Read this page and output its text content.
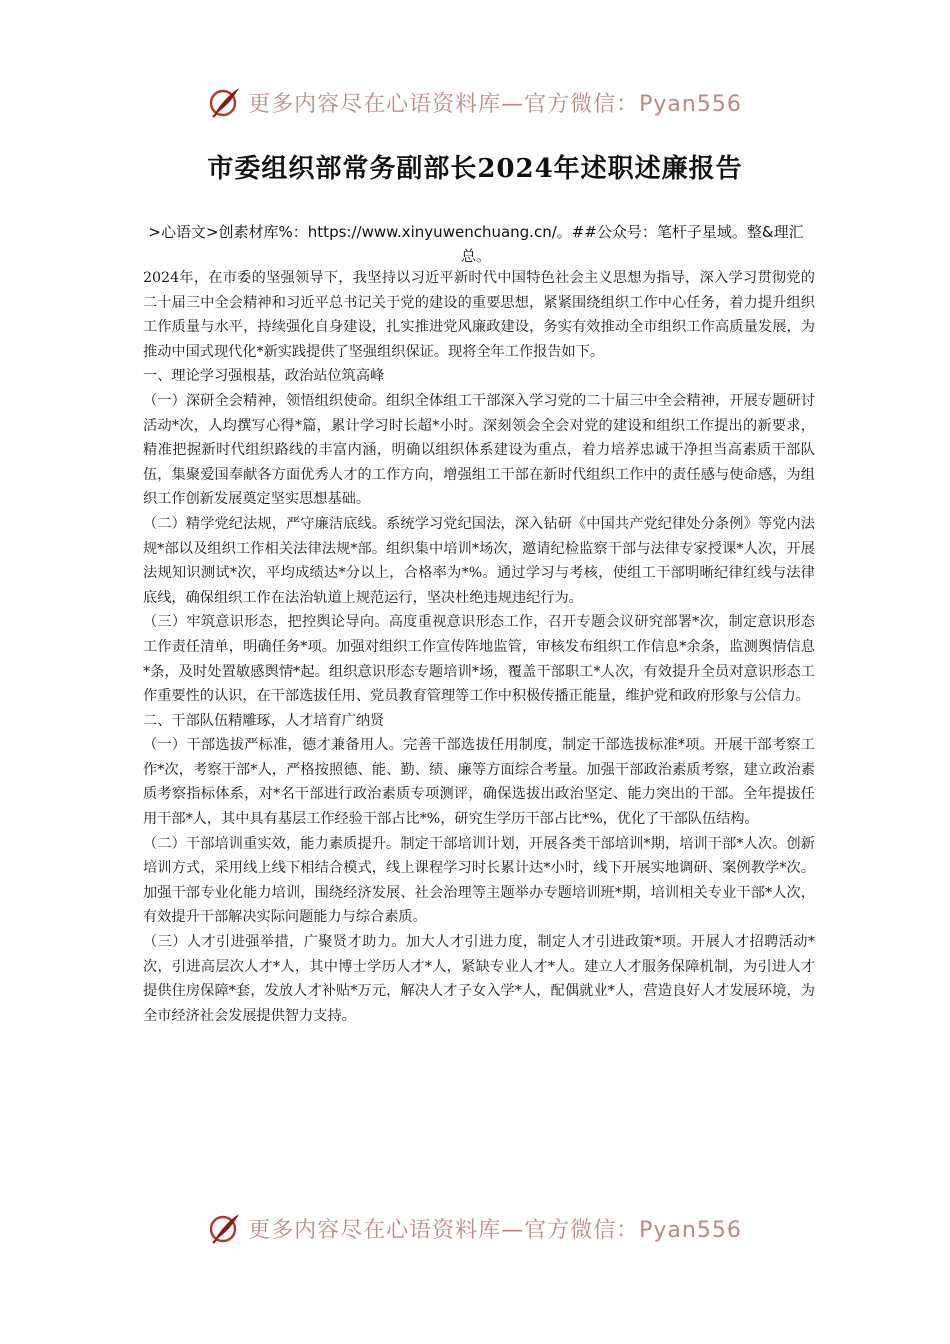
更多内容尽在心语资料库—官方微信：Pyan556
市委组织部常务副部长2024年述职述廉报告
>心语文>创素材库%：https://www.xinyuwenchuang.cn/。##公众号：笔杆子星域。整&理汇总。

2024年，在市委的坚强领导下，我坚持以习近平新时代中国特色社会主义思想为指导，深入学习贯彻党的二十届三中全会精神和习近平总书记关于党的建设的重要思想，紧紧围绕组织工作中心任务，着力提升组织工作质量与水平，持续强化自身建设，扎实推进党风廉政建设，务实有效推动全市组织工作高质量发展，为推动中国式现代化*新实践提供了坚强组织保证。现将全年工作报告如下。

一、理论学习强根基，政治站位筑高峰

（一）深研全会精神，领悟组织使命。组织全体组工干部深入学习党的二十届三中全会精神，开展专题研讨活动*次，人均撰写心得*篇，累计学习时长超*小时。深刻领会全会对党的建设和组织工作提出的新要求，精准把握新时代组织路线的丰富内涵，明确以组织体系建设为重点，着力培养忠诚干净担当高素质干部队伍，集聚爱国奉献各方面优秀人才的工作方向，增强组工干部在新时代组织工作中的责任感与使命感，为组织工作创新发展奠定坚实思想基础。

（二）精学党纪法规，严守廉洁底线。系统学习党纪国法，深入钻研《中国共产党纪律处分条例》等党内法规*部以及组织工作相关法律法规*部。组织集中培训*场次，邀请纪检监察干部与法律专家授课*人次，开展法规知识测试*次，平均成绩达*分以上，合格率为*%。通过学习与考核，使组工干部明晰纪律红线与法律底线，确保组织工作在法治轨道上规范运行，坚决杜绝违规违纪行为。

（三）牢筑意识形态，把控舆论导向。高度重视意识形态工作，召开专题会议研究部署*次，制定意识形态工作责任清单，明确任务*项。加强对组织工作宣传阵地监管，审核发布组织工作信息*余条，监测舆情信息*条，及时处置敏感舆情*起。组织意识形态专题培训*场，覆盖干部职工*人次，有效提升全员对意识形态工作重要性的认识，在干部选拔任用、党员教育管理等工作中积极传播正能量，维护党和政府形象与公信力。

二、干部队伍精雕琢，人才培育广纳贤

（一）干部选拔严标准，德才兼备用人。完善干部选拔任用制度，制定干部选拔标准*项。开展干部考察工作*次，考察干部*人，严格按照德、能、勤、绩、廉等方面综合考量。加强干部政治素质考察，建立政治素质考察指标体系，对*名干部进行政治素质专项测评，确保选拔出政治坚定、能力突出的干部。全年提拔任用干部*人，其中具有基层工作经验干部占比*%，研究生学历干部占比*%，优化了干部队伍结构。

（二）干部培训重实效，能力素质提升。制定干部培训计划，开展各类干部培训*期，培训干部*人次。创新培训方式，采用线上线下相结合模式，线上课程学习时长累计达*小时，线下开展实地调研、案例教学*次。加强干部专业化能力培训，围绕经济发展、社会治理等主题举办专题培训班*期，培训相关专业干部*人次，有效提升干部解决实际问题能力与综合素质。

（三）人才引进强举措，广聚贤才助力。加大人才引进力度，制定人才引进政策*项。开展人才招聘活动*次，引进高层次人才*人，其中博士学历人才*人，紧缺专业人才*人。建立人才服务保障机制，为引进人才提供住房保障*套，发放人才补贴*万元，解决人才子女入学*人，配偶就业*人，营造良好人才发展环境，为全市经济社会发展提供智力支持。

更多内容尽在心语资料库—官方微信：Pyan556
